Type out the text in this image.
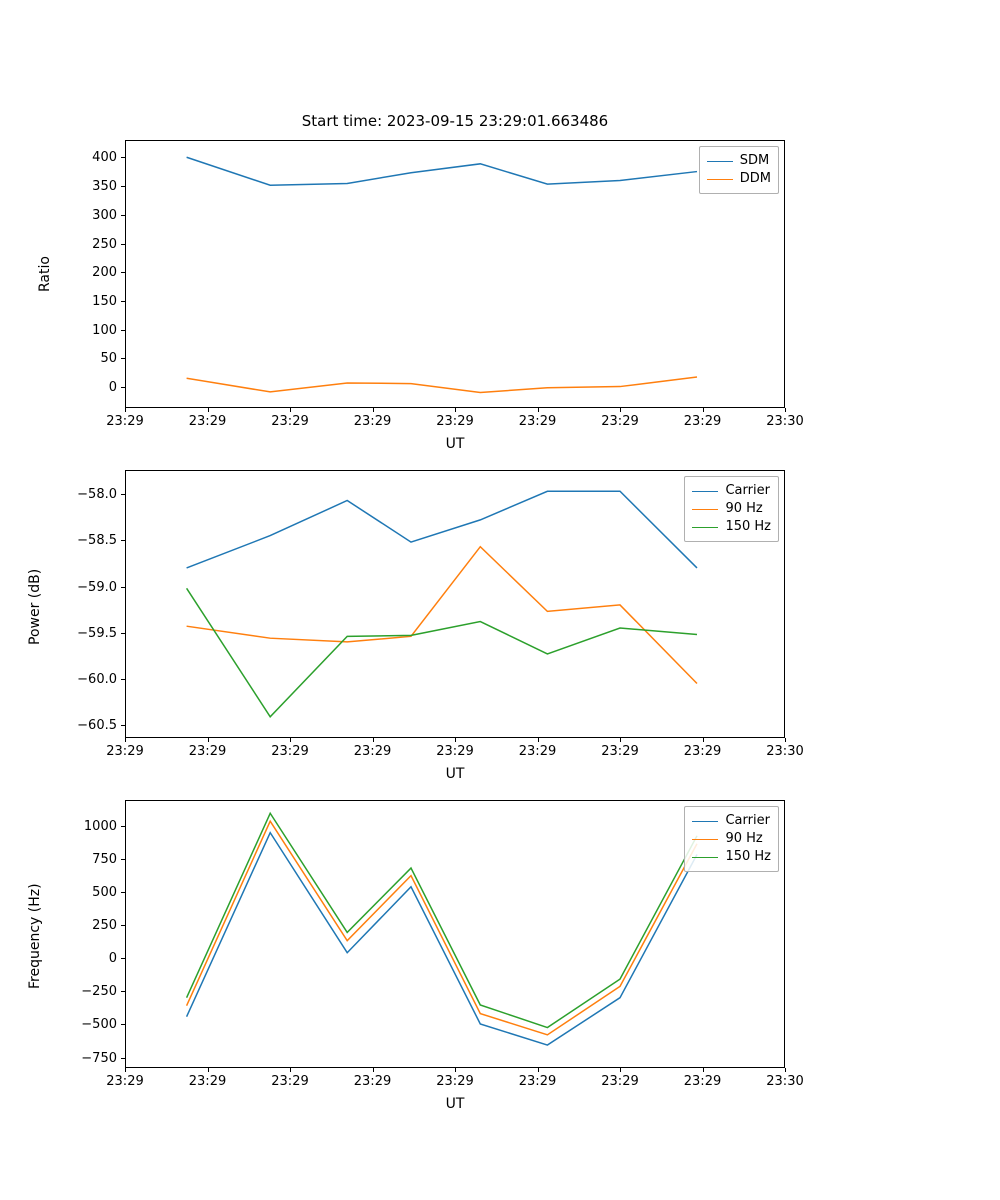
Start time: 2023-09-15 23:29:01.663486
0
50
100
150
200
250
300
350
400
23:29	23:29	23:29	23:29	23:29	23:29	23:29	23:29	23:30
UT
Ratio
SDM
DDM
−60.5
−60.0
−59.5
−59.0
−58.5
−58.0
23:29	23:29	23:29	23:29	23:29	23:29	23:29	23:29	23:30
UT
Power (dB)
Carrier
90 Hz
150 Hz
−750
−500
−250
0
250
500
750
1000
23:29	23:29	23:29	23:29	23:29	23:29	23:29	23:29	23:30
UT
Frequency (Hz)
Carrier
90 Hz
150 Hz
